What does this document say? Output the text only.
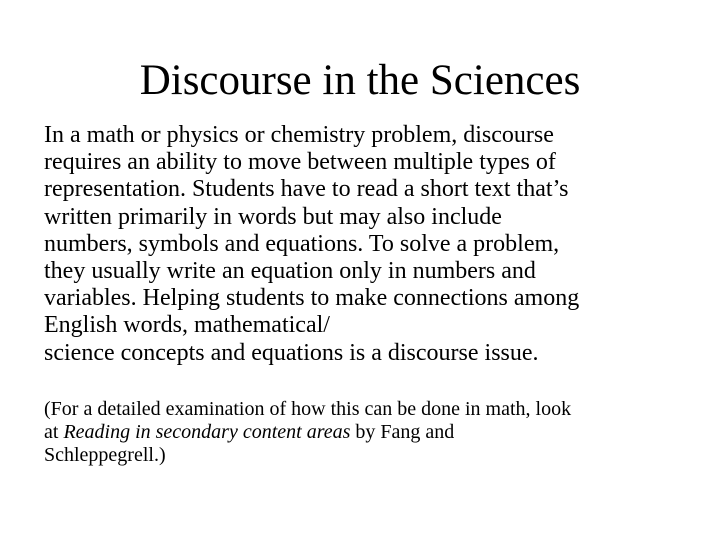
Discourse in the Sciences
In a math or physics or chemistry problem, discourse
requires an ability to move between multiple types of
representation. Students have to read a short text that’s
written primarily in words but may also include
numbers, symbols and equations. To solve a problem,
they usually write an equation only in numbers and
variables. Helping students to make connections among
English words, mathematical/
science concepts and equations is a discourse issue.
(For a detailed examination of how this can be done in math, look
at Reading in secondary content areas by Fang and
Schleppegrell.)
